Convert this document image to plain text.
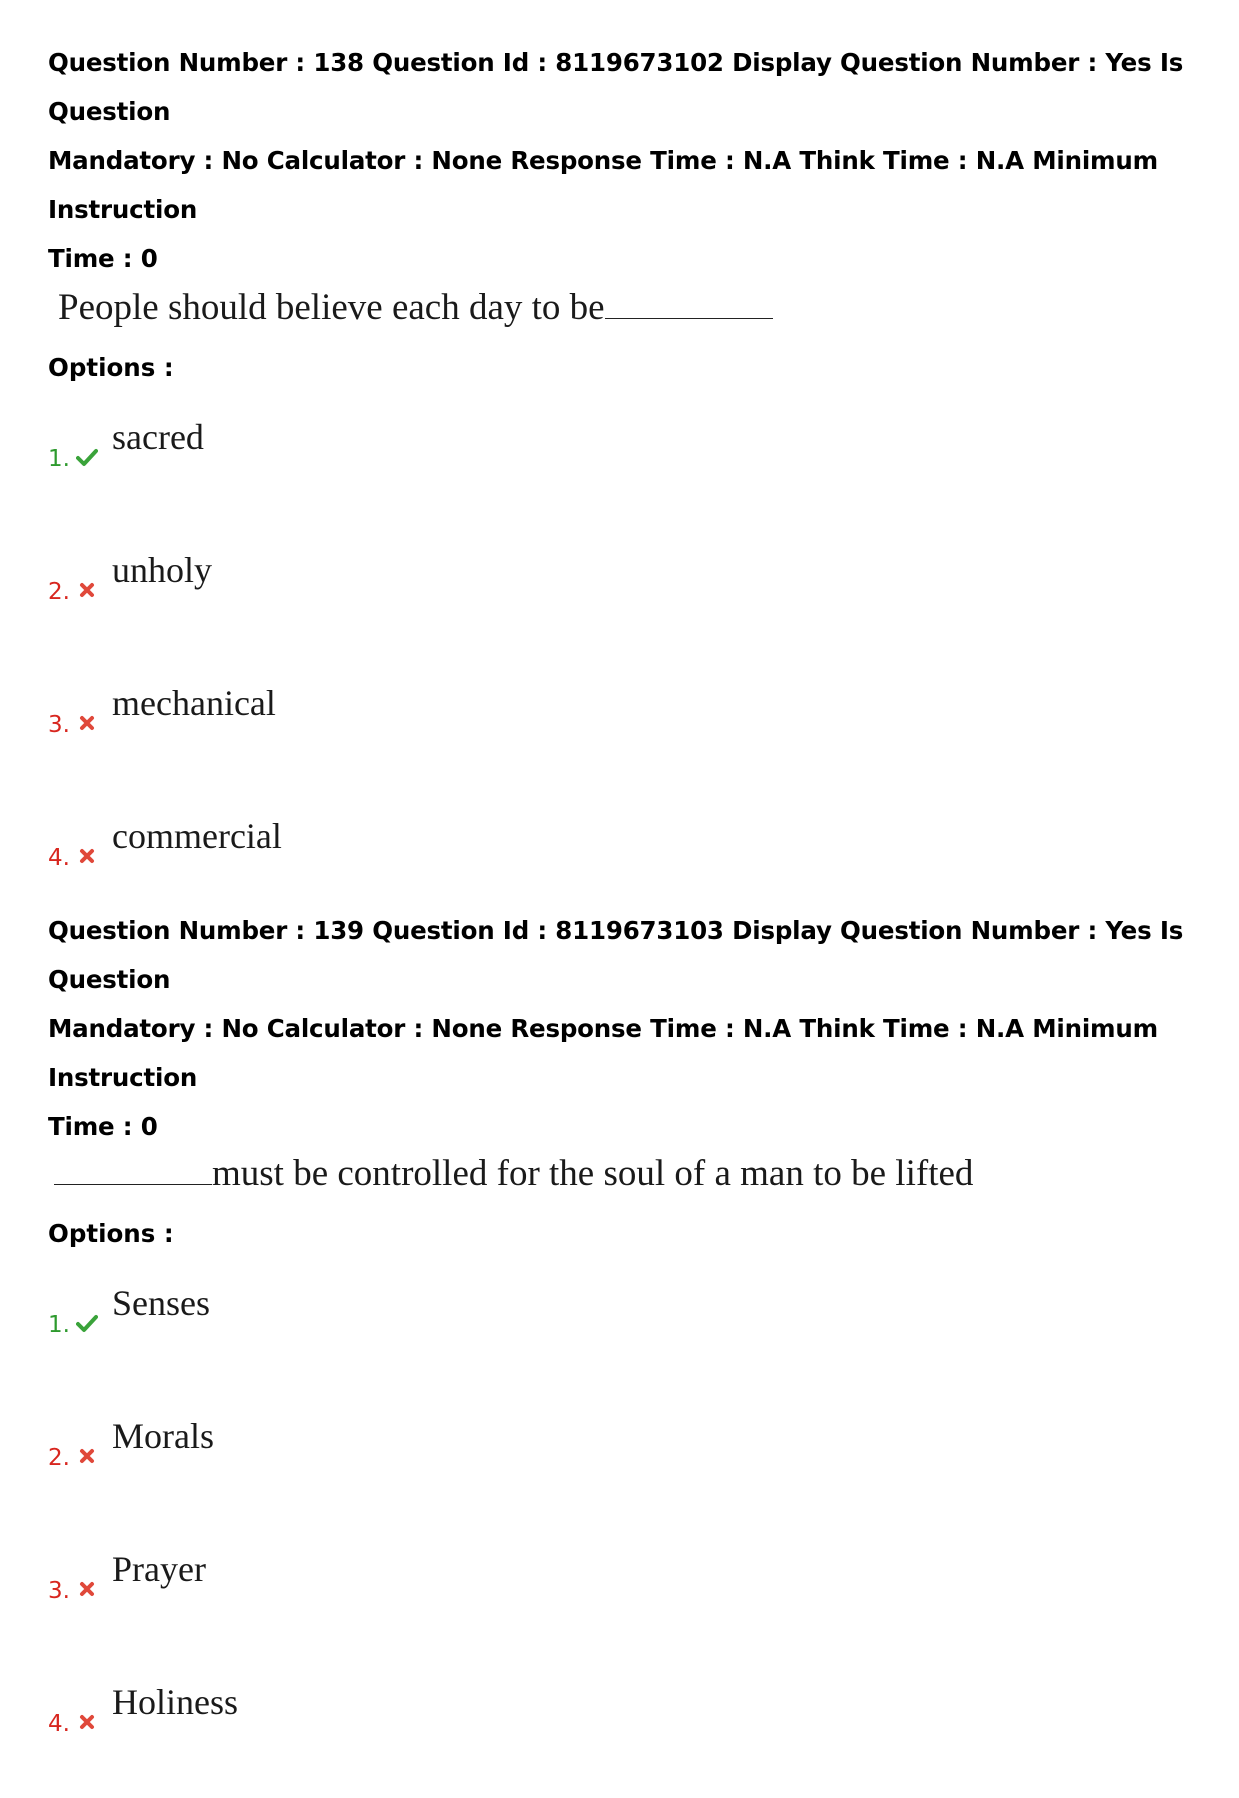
Question Number : 138 Question Id : 8119673102 Display Question Number : Yes Is Question

Mandatory : No Calculator : None Response Time : N.A Think Time : N.A Minimum Instruction

Time : 0

People should believe each day to be

Options :

1.
sacred
2.
unholy
3.
mechanical
4.
commercial

Question Number : 139 Question Id : 8119673103 Display Question Number : Yes Is Question

Mandatory : No Calculator : None Response Time : N.A Think Time : N.A Minimum Instruction

Time : 0

must be controlled for the soul of a man to be lifted

Options :

1.
Senses
2.
Morals
3.
Prayer
4.
Holiness
